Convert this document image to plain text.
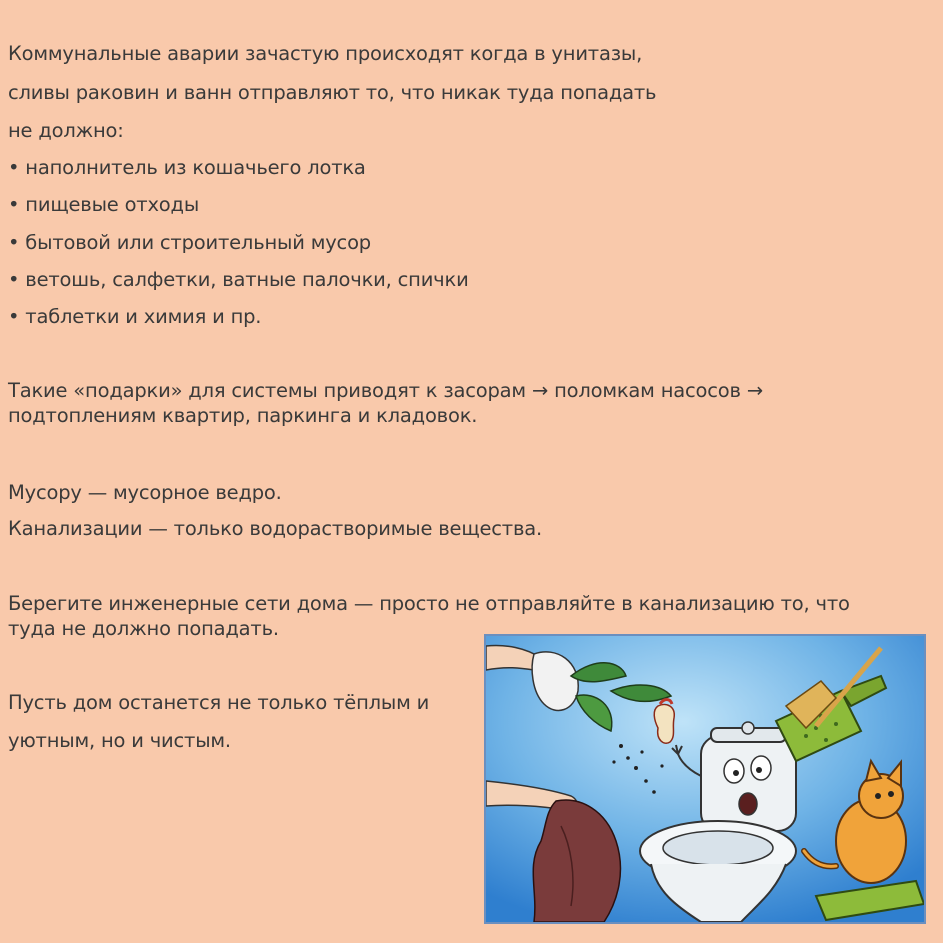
Коммунальные аварии зачастую происходят когда в унитазы,
сливы раковин и ванн отправляют то, что никак туда попадать
не должно:
• наполнитель из кошачьего лотка
• пищевые отходы
• бытовой или строительный мусор
• ветошь, салфетки, ватные палочки, спички
• таблетки и химия и пр.
Такие «подарки» для системы приводят к засорам → поломкам насосов →
подтоплениям квартир, паркинга и кладовок.
Мусору — мусорное ведро.
Канализации — только водорастворимые вещества.
Берегите инженерные сети дома — просто не отправляйте в канализацию то, что
туда не должно попадать.
Пусть дом останется не только тёплым и
уютным, но и чистым.
